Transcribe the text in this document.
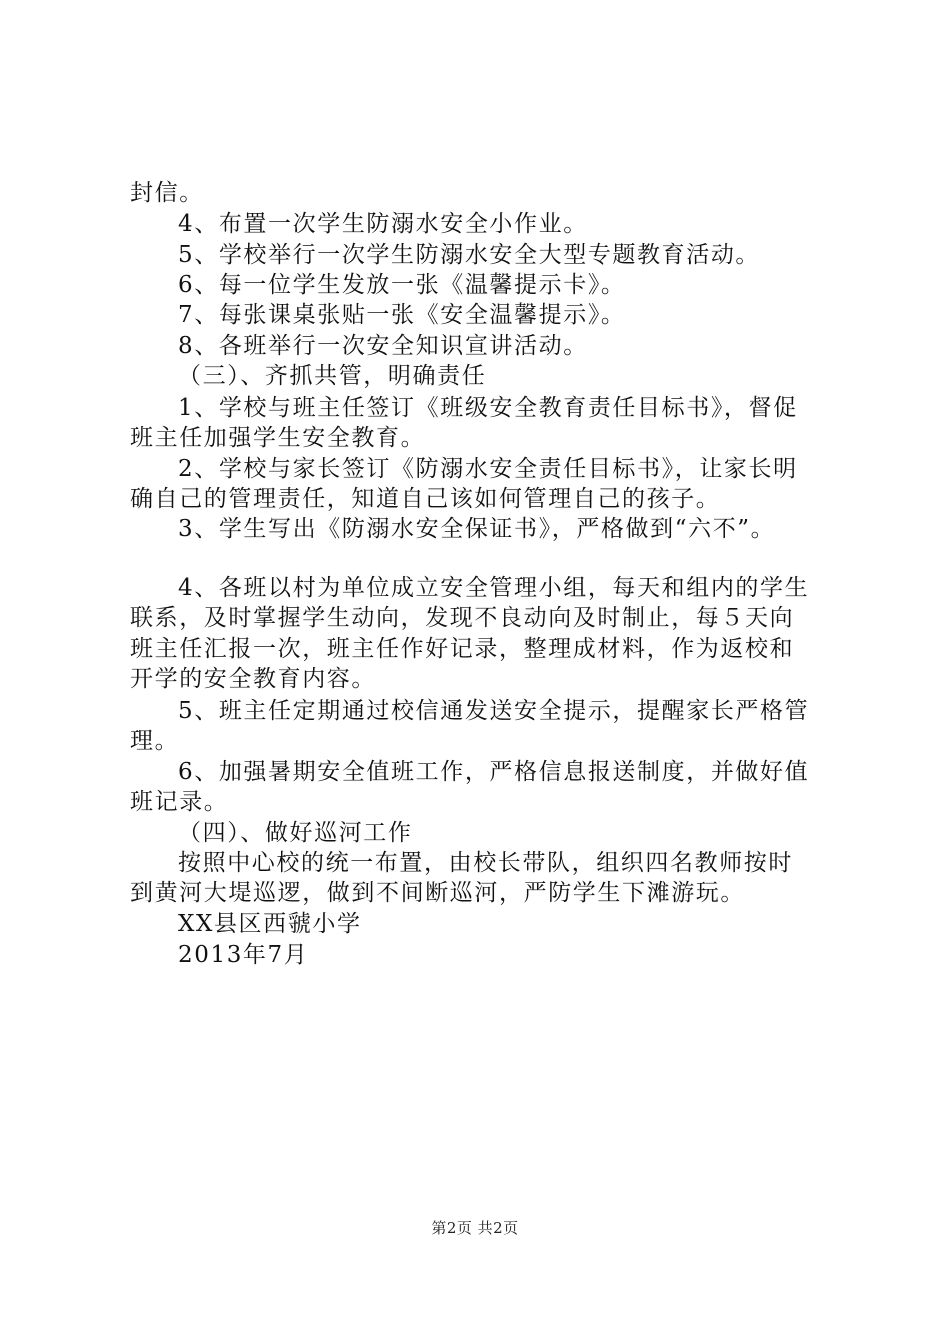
封信。
4、布置一次学生防溺水安全小作业。
5、学校举行一次学生防溺水安全大型专题教育活动。
6、每一位学生发放一张《温馨提示卡》。
7、每张课桌张贴一张《安全温馨提示》。
8、各班举行一次安全知识宣讲活动。
（三）、齐抓共管，明确责任
1、学校与班主任签订《班级安全教育责任目标书》，督促
班主任加强学生安全教育。
2、学校与家长签订《防溺水安全责任目标书》，让家长明
确自己的管理责任，知道自己该如何管理自己的孩子。
3、学生写出《防溺水安全保证书》，严格做到“六不”。
4、各班以村为单位成立安全管理小组，每天和组内的学生
联系，及时掌握学生动向，发现不良动向及时制止，每５天向
班主任汇报一次，班主任作好记录，整理成材料，作为返校和
开学的安全教育内容。
5、班主任定期通过校信通发送安全提示，提醒家长严格管
理。
6、加强暑期安全值班工作，严格信息报送制度，并做好值
班记录。
（四）、做好巡河工作
按照中心校的统一布置，由校长带队，组织四名教师按时
到黄河大堤巡逻，做到不间断巡河，严防学生下滩游玩。
XX县区西虢小学
2013年7月
第2页 共2页
